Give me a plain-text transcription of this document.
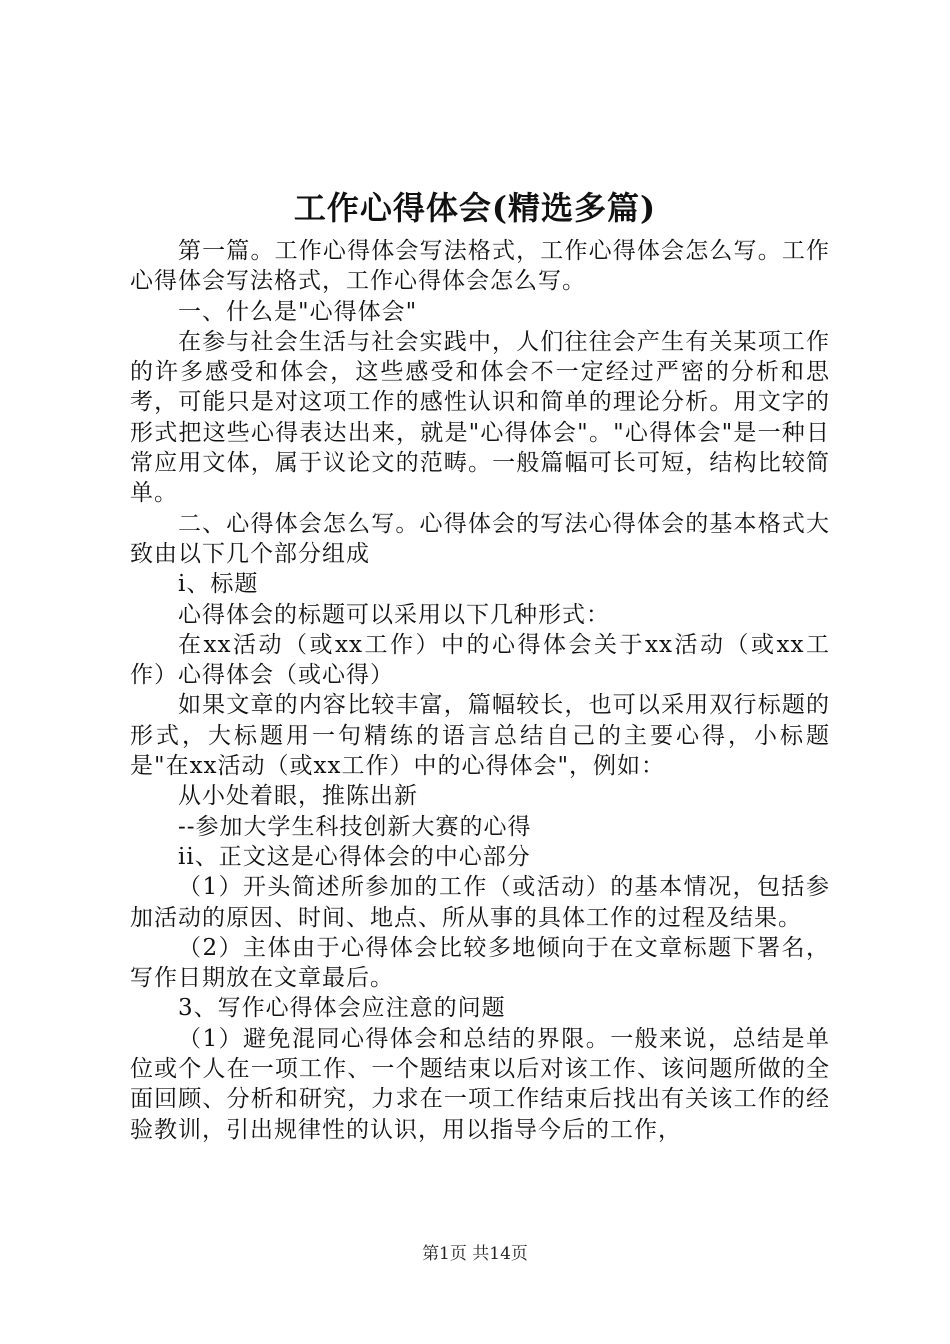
工作心得体会(精选多篇)

第一篇。工作心得体会写法格式，工作心得体会怎么写。工作心得体会写法格式，工作心得体会怎么写。

一、什么是"心得体会"

在参与社会生活与社会实践中，人们往往会产生有关某项工作的许多感受和体会，这些感受和体会不一定经过严密的分析和思考，可能只是对这项工作的感性认识和简单的理论分析。用文字的形式把这些心得表达出来，就是"心得体会"。"心得体会"是一种日常应用文体，属于议论文的范畴。一般篇幅可长可短，结构比较简单。

二、心得体会怎么写。心得体会的写法心得体会的基本格式大致由以下几个部分组成

i、标题

心得体会的标题可以采用以下几种形式：

在xx活动（或xx工作）中的心得体会关于xx活动（或xx工作）心得体会（或心得）

如果文章的内容比较丰富，篇幅较长，也可以采用双行标题的形式，大标题用一句精练的语言总结自己的主要心得，小标题是"在xx活动（或xx工作）中的心得体会"，例如：

从小处着眼，推陈出新

--参加大学生科技创新大赛的心得

ii、正文这是心得体会的中心部分

（1）开头简述所参加的工作（或活动）的基本情况，包括参加活动的原因、时间、地点、所从事的具体工作的过程及结果。

（2）主体由于心得体会比较多地倾向于在文章标题下署名，写作日期放在文章最后。

3、写作心得体会应注意的问题

（1）避免混同心得体会和总结的界限。一般来说，总结是单位或个人在一项工作、一个题结束以后对该工作、该问题所做的全面回顾、分析和研究，力求在一项工作结束后找出有关该工作的经验教训，引出规律性的认识，用以指导今后的工作，

第1页 共14页
